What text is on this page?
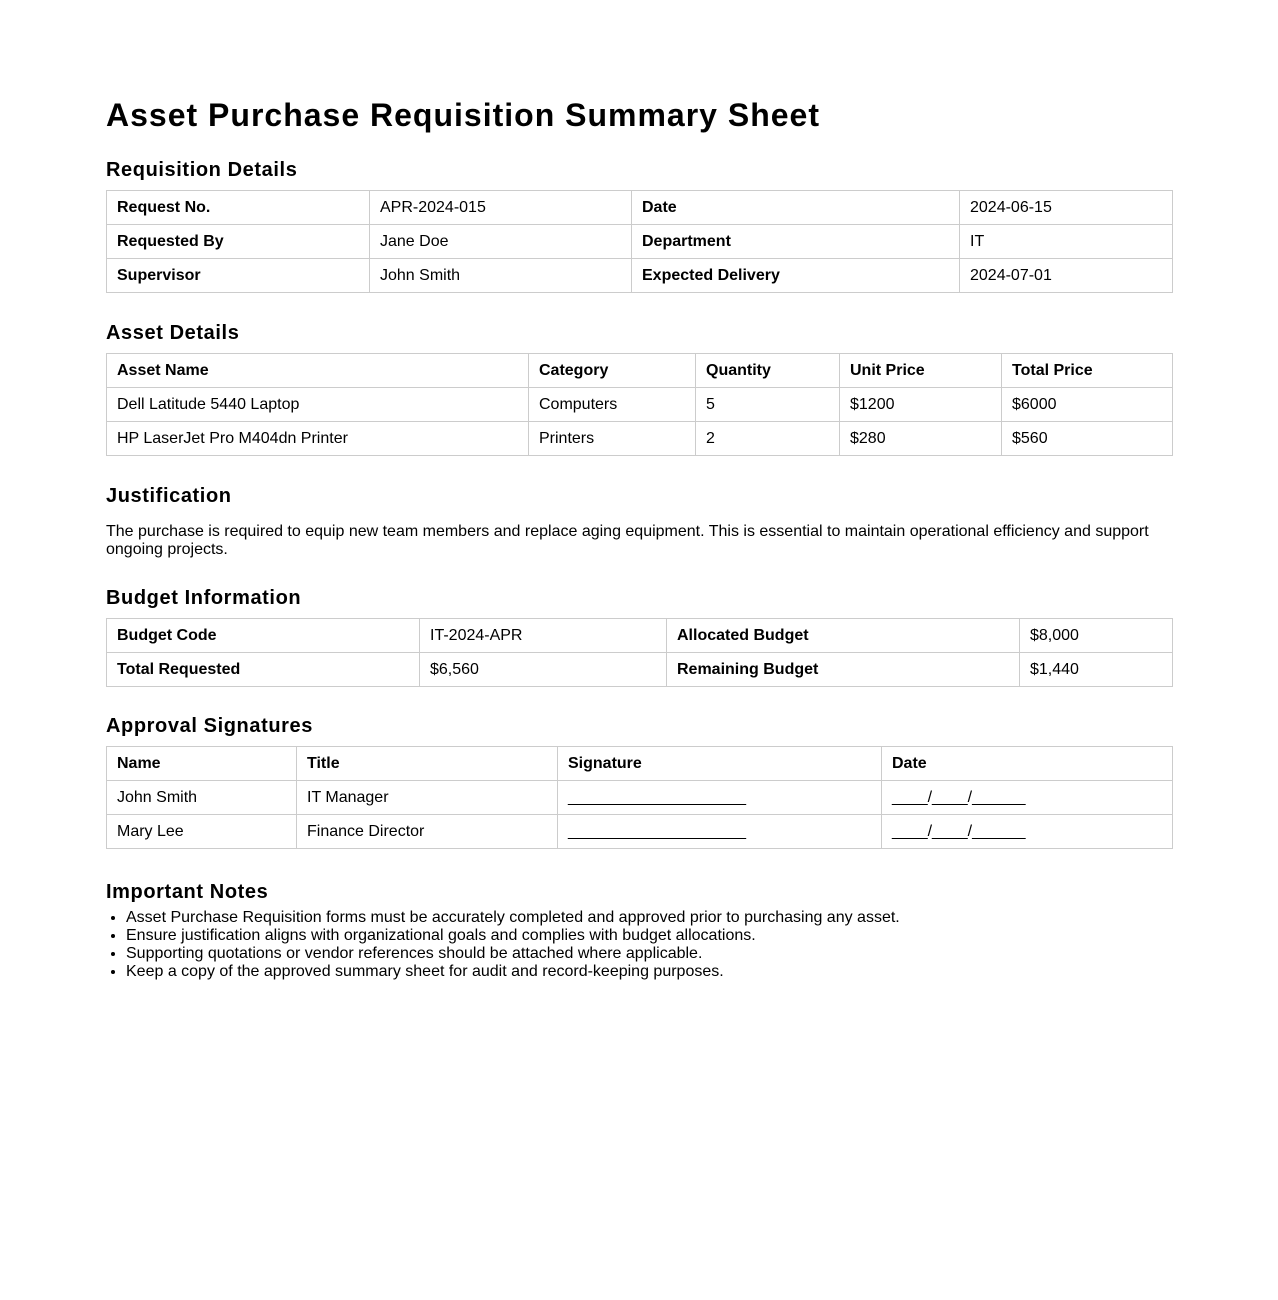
Asset Purchase Requisition Summary Sheet
Requisition Details
Request No.	APR-2024-015	Date	2024-06-15
Requested By	Jane Doe	Department	IT
Supervisor	John Smith	Expected Delivery	2024-07-01
Asset Details
Asset Name	Category	Quantity	Unit Price	Total Price
Dell Latitude 5440 Laptop	Computers	5	$1200	$6000
HP LaserJet Pro M404dn Printer	Printers	2	$280	$560
Justification

The purchase is required to equip new team members and replace aging equipment. This is essential to maintain operational efficiency and support ongoing projects.

Budget Information
Budget Code	IT-2024-APR	Allocated Budget	$8,000
Total Requested	$6,560	Remaining Budget	$1,440
Approval Signatures
Name	Title	Signature	Date
John Smith	IT Manager	____________________	____/____/______
Mary Lee	Finance Director	____________________	____/____/______
Important Notes
• Asset Purchase Requisition forms must be accurately completed and approved prior to purchasing any asset.
• Ensure justification aligns with organizational goals and complies with budget allocations.
• Supporting quotations or vendor references should be attached where applicable.
• Keep a copy of the approved summary sheet for audit and record-keeping purposes.
